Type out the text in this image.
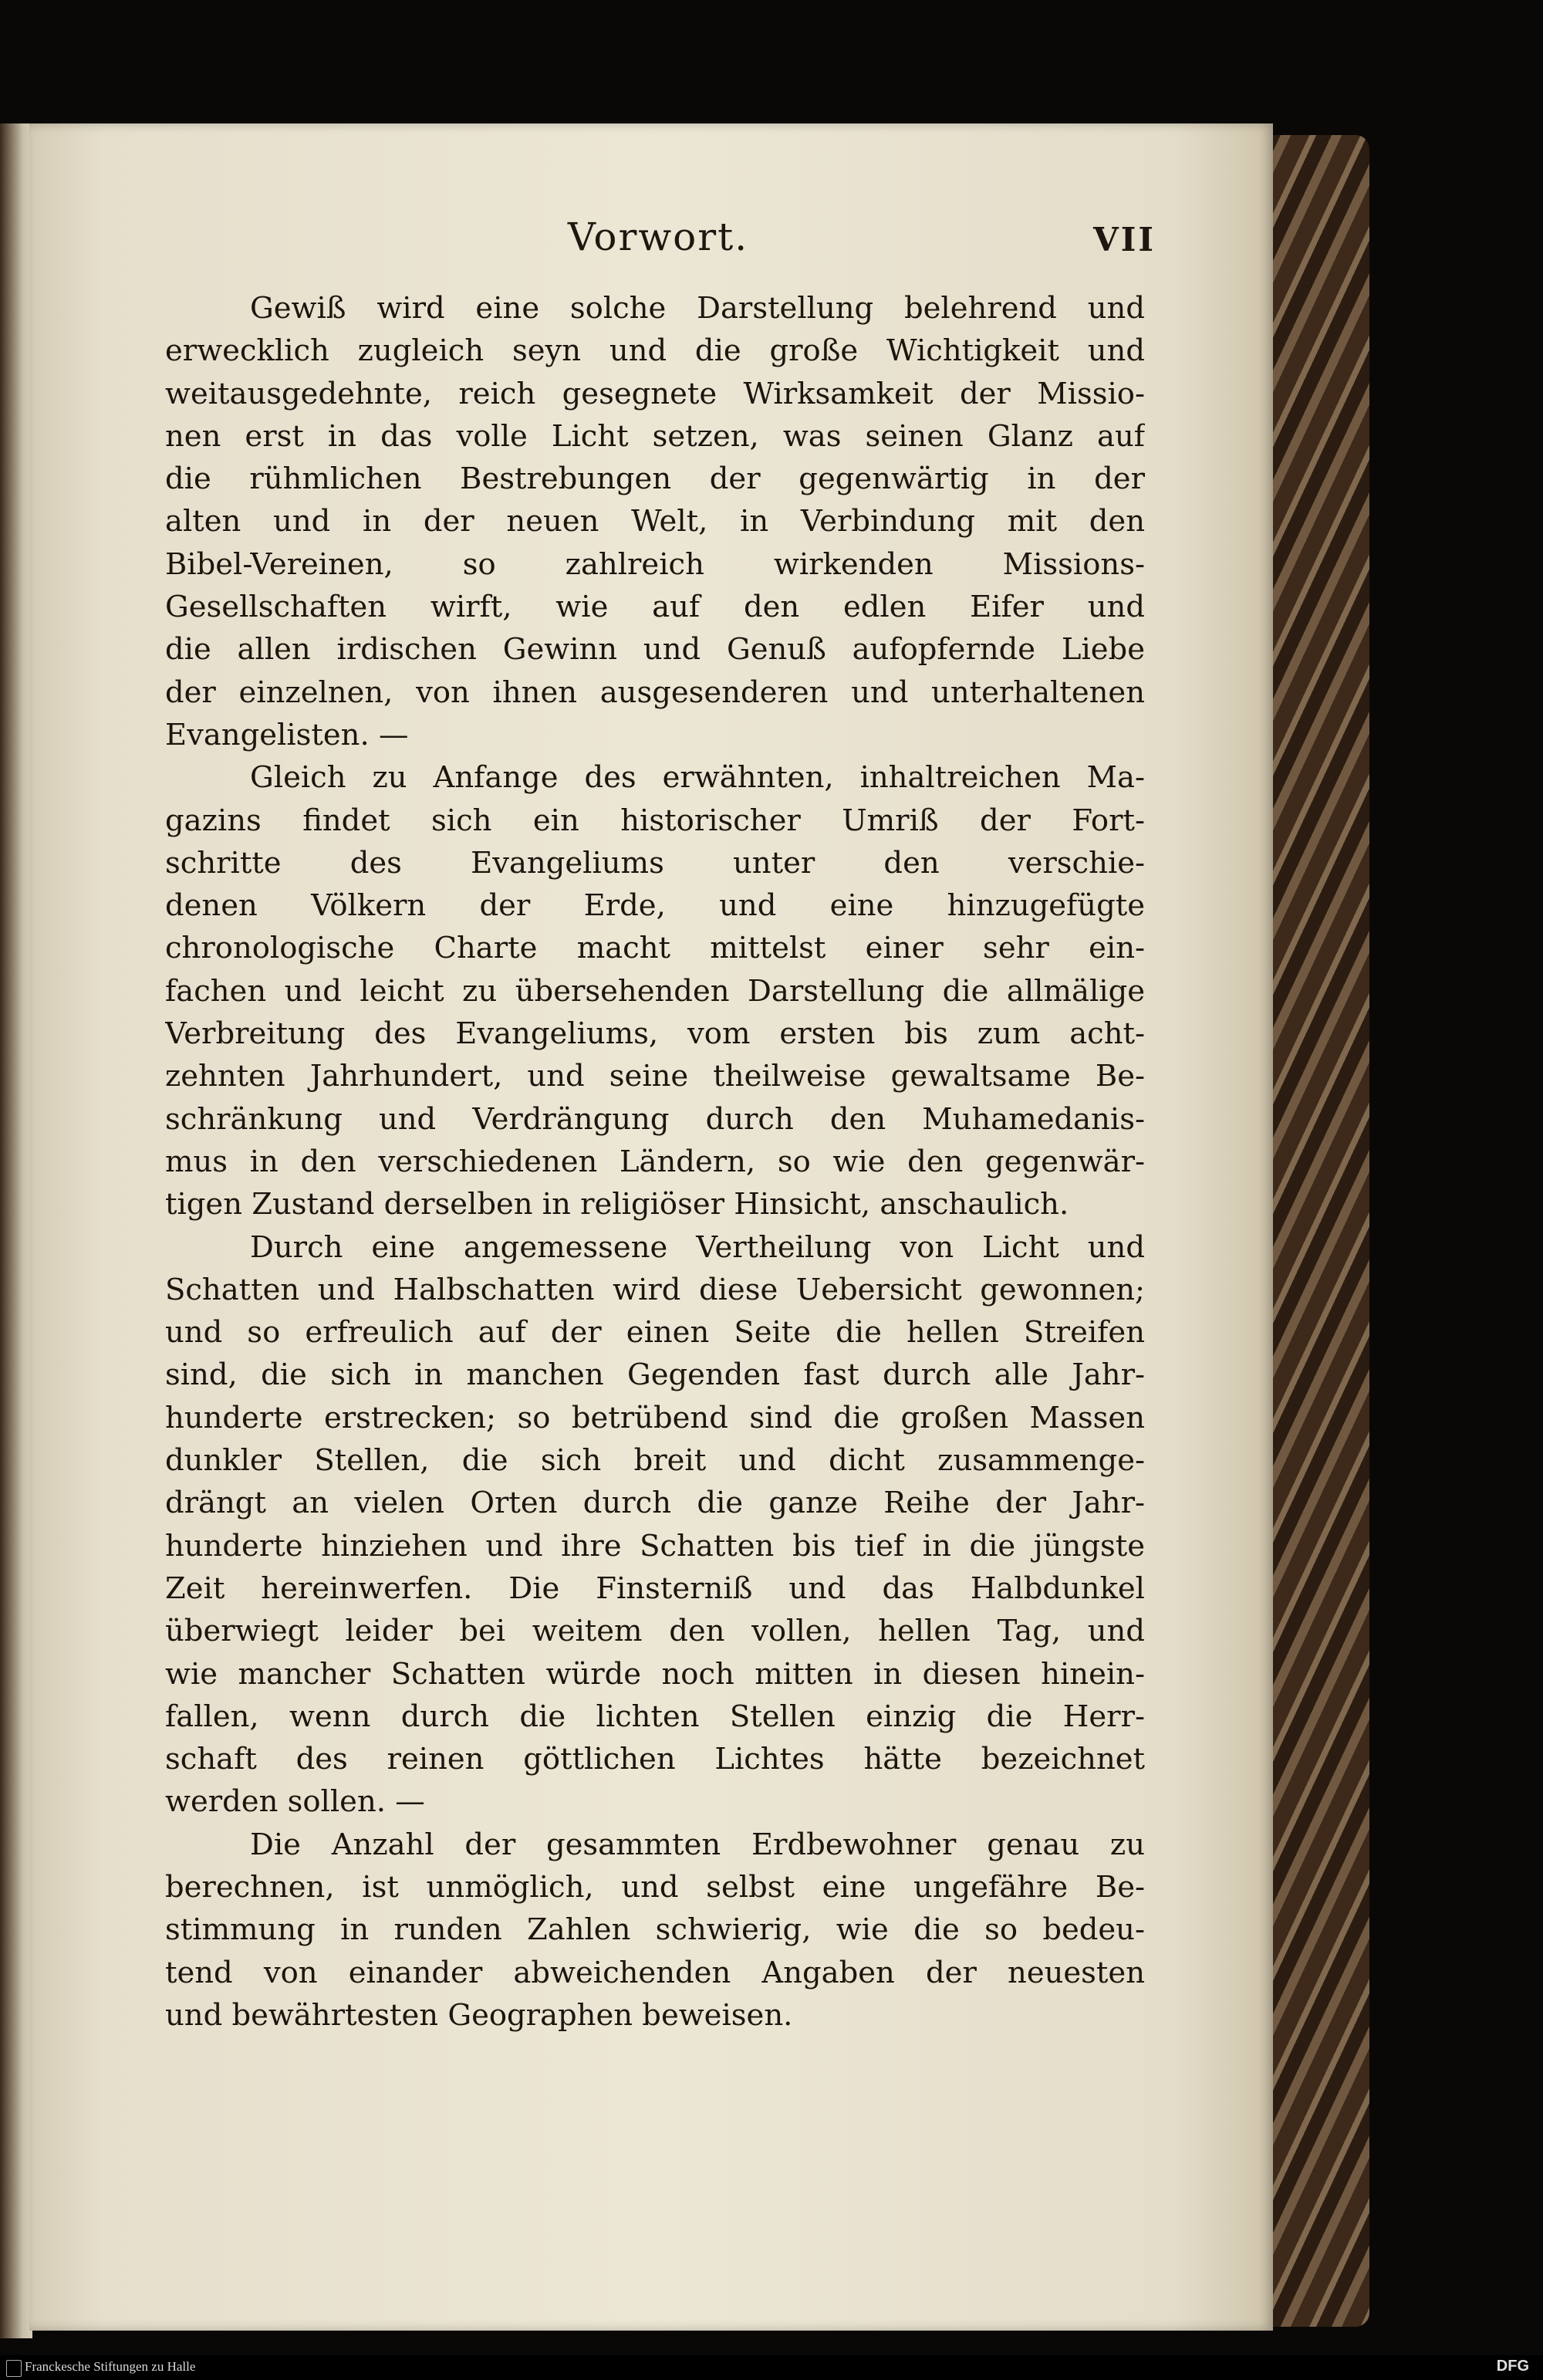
Vorwort.	VII
Gewiß wird eine solche Darstellung belehrend und
erwecklich zugleich seyn und die große Wichtigkeit und
weitausgedehnte, reich gesegnete Wirksamkeit der Missio-
nen erst in das volle Licht setzen, was seinen Glanz auf
die rühmlichen Bestrebungen der gegenwärtig in der
alten und in der neuen Welt, in Verbindung mit den
Bibel-Vereinen, so zahlreich wirkenden Missions-
Gesellschaften wirft, wie auf den edlen Eifer und
die allen irdischen Gewinn und Genuß aufopfernde Liebe
der einzelnen, von ihnen ausgesenderen und unterhaltenen
Evangelisten. —
Gleich zu Anfange des erwähnten, inhaltreichen Ma-
gazins findet sich ein historischer Umriß der Fort-
schritte des Evangeliums unter den verschie-
denen Völkern der Erde, und eine hinzugefügte
chronologische Charte macht mittelst einer sehr ein-
fachen und leicht zu übersehenden Darstellung die allmälige
Verbreitung des Evangeliums, vom ersten bis zum acht-
zehnten Jahrhundert, und seine theilweise gewaltsame Be-
schränkung und Verdrängung durch den Muhamedanis-
mus in den verschiedenen Ländern, so wie den gegenwär-
tigen Zustand derselben in religiöser Hinsicht, anschaulich.
Durch eine angemessene Vertheilung von Licht und
Schatten und Halbschatten wird diese Uebersicht gewonnen;
und so erfreulich auf der einen Seite die hellen Streifen
sind, die sich in manchen Gegenden fast durch alle Jahr-
hunderte erstrecken; so betrübend sind die großen Massen
dunkler Stellen, die sich breit und dicht zusammenge-
drängt an vielen Orten durch die ganze Reihe der Jahr-
hunderte hinziehen und ihre Schatten bis tief in die jüngste
Zeit hereinwerfen. Die Finsterniß und das Halbdunkel
überwiegt leider bei weitem den vollen, hellen Tag, und
wie mancher Schatten würde noch mitten in diesen hinein-
fallen, wenn durch die lichten Stellen einzig die Herr-
schaft des reinen göttlichen Lichtes hätte bezeichnet
werden sollen. —
Die Anzahl der gesammten Erdbewohner genau zu
berechnen, ist unmöglich, und selbst eine ungefähre Be-
stimmung in runden Zahlen schwierig, wie die so bedeu-
tend von einander abweichenden Angaben der neuesten
und bewährtesten Geographen beweisen.
Franckesche Stiftungen zu Halle	DFG
